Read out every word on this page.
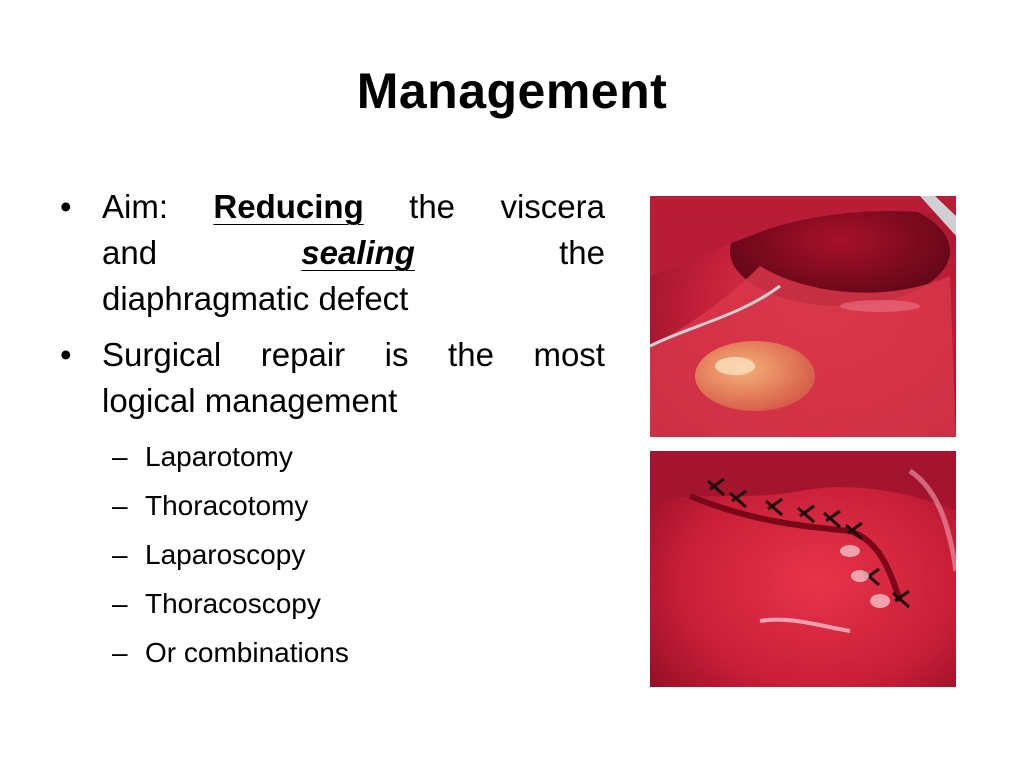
Management
• Aim: Reducing the viscera
and	sealing	the
diaphragmatic defect
• Surgical repair is the most
logical management
– Laparotomy
– Thoracotomy
– Laparoscopy
– Thoracoscopy
– Or combinations
